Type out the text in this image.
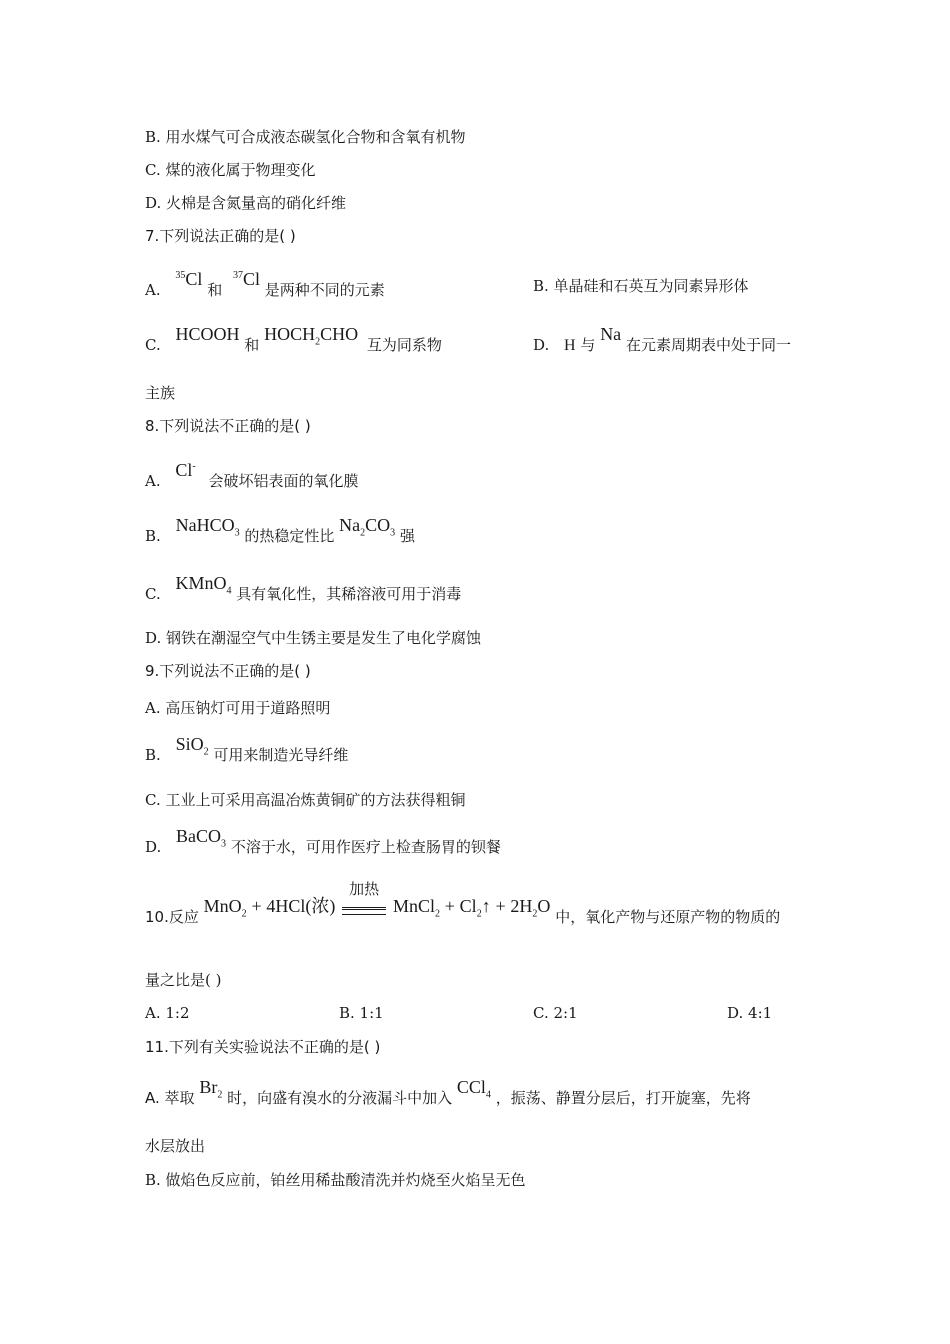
B. 用水煤气可合成液态碳氢化合物和含氧有机物
C. 煤的液化属于物理变化
D. 火棉是含氮量高的硝化纤维
7.下列说法正确的是( )
A. $^{35}$Cl 和 $^{37}$Cl 是两种不同的元素	B. 单晶硅和石英互为同素异形体
C. HCOOH 和 $HOCH_2CHO$ 互为同系物	D. H 与 Na 在元素周期表中处于同一
主族
8.下列说法不正确的是( )
A. Cl- 会破坏铝表面的氧化膜
B. NaHCO$_3$ 的热稳定性比 $Na_2CO_3$ 强
C. KMnO$_4$ 具有氧化性，其稀溶液可用于消毒
D. 钢铁在潮湿空气中生锈主要是发生了电化学腐蚀
9.下列说法不正确的是( )
A. 高压钠灯可用于道路照明
B. SiO$_2$ 可用来制造光导纤维
C. 工业上可采用高温冶炼黄铜矿的方法获得粗铜
D. BaCO$_3$ 不溶于水，可用作医疗上检查肠胃的钡餐
10.反应 MnO$_2$ + 4HCl(浓)
加热
MnCl$_2$ + $Cl_2↑ + 2H_2O$ 中，氧化产物与还原产物的物质的
量之比是( )
A. 1:2	B. 1:1	C. 2:1	D. 4:1
11.下列有关实验说法不正确的是( )
A. 萃取 $Br_2$ 时，向盛有溴水的分液漏斗中加入 CCl$_4$ ，振荡、静置分层后，打开旋塞，先将
水层放出
B. 做焰色反应前，铂丝用稀盐酸清洗并灼烧至火焰呈无色
